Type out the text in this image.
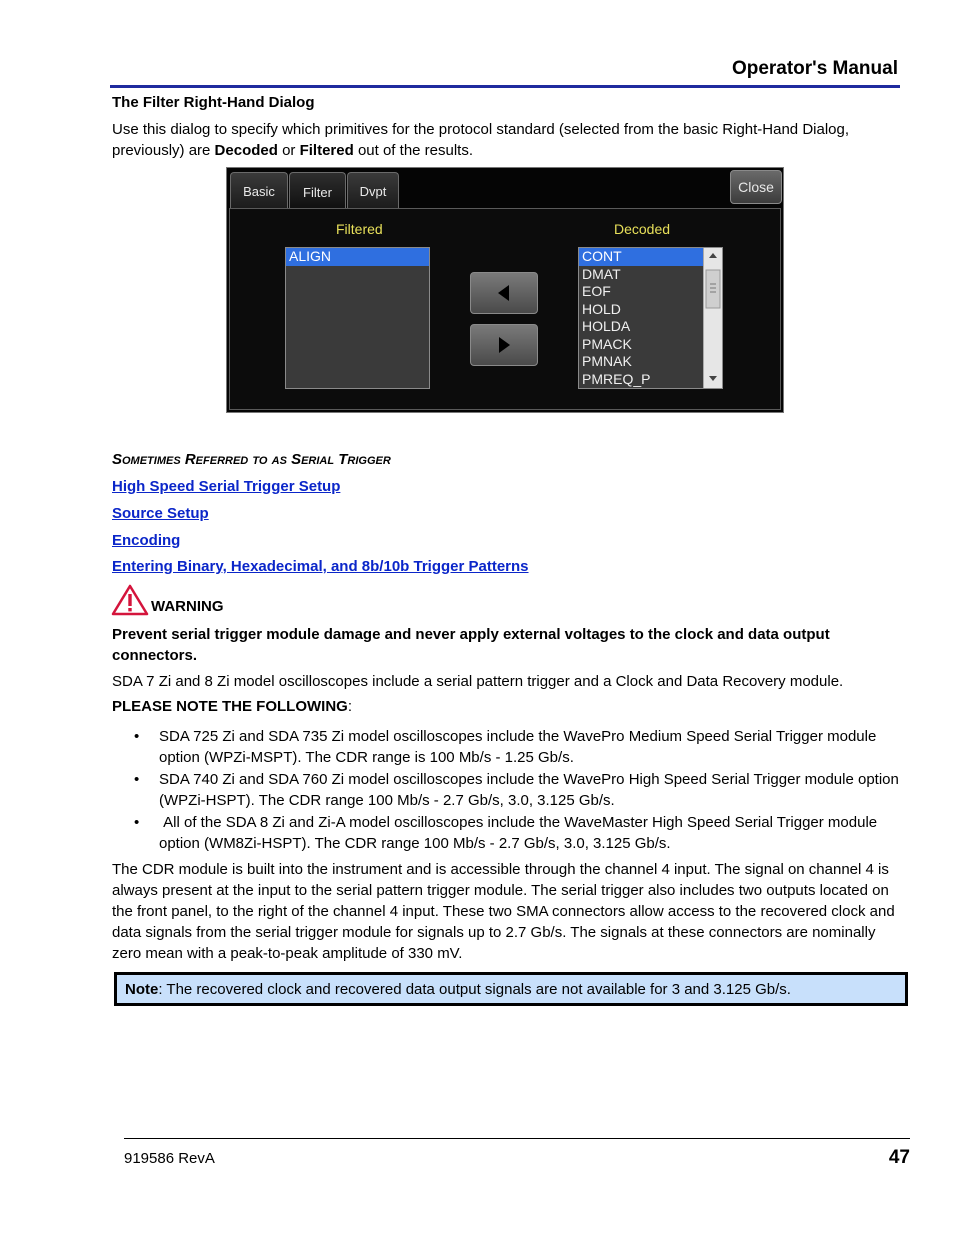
Operator's Manual
The Filter Right-Hand Dialog
Use this dialog to specify which primitives for the protocol standard (selected from the basic Right-Hand Dialog, previously) are Decoded or Filtered out of the results.
Basic	Filter	Dvpt	Close
Filtered	Decoded
ALIGN	CONT
DMAT
EOF
HOLD
HOLDA
PMACK
PMNAK
PMREQ_P
Sometimes Referred to as Serial Trigger
High Speed Serial Trigger Setup
Source Setup
Encoding
Entering Binary, Hexadecimal, and 8b/10b Trigger Patterns
WARNING
Prevent serial trigger module damage and never apply external voltages to the clock and data output connectors.
SDA 7 Zi and 8 Zi model oscilloscopes include a serial pattern trigger and a Clock and Data Recovery module.
PLEASE NOTE THE FOLLOWING:
• SDA 725 Zi and SDA 735 Zi model oscilloscopes include the WavePro Medium Speed Serial Trigger module option (WPZi-MSPT). The CDR range is 100 Mb/s - 1.25 Gb/s.
• SDA 740 Zi and SDA 760 Zi model oscilloscopes include the WavePro High Speed Serial Trigger module option (WPZi-HSPT). The CDR range 100 Mb/s - 2.7 Gb/s, 3.0, 3.125 Gb/s.
• All of the SDA 8 Zi and Zi-A model oscilloscopes include the WaveMaster High Speed Serial Trigger module option (WM8Zi-HSPT). The CDR range 100 Mb/s - 2.7 Gb/s, 3.0, 3.125 Gb/s.
The CDR module is built into the instrument and is accessible through the channel 4 input. The signal on channel 4 is always present at the input to the serial pattern trigger module. The serial trigger also includes two outputs located on the front panel, to the right of the channel 4 input. These two SMA connectors allow access to the recovered clock and data signals from the serial trigger module for signals up to 2.7 Gb/s. The signals at these connectors are nominally zero mean with a peak-to-peak amplitude of 330 mV.
Note: The recovered clock and recovered data output signals are not available for 3 and 3.125 Gb/s.
919586 RevA	47
